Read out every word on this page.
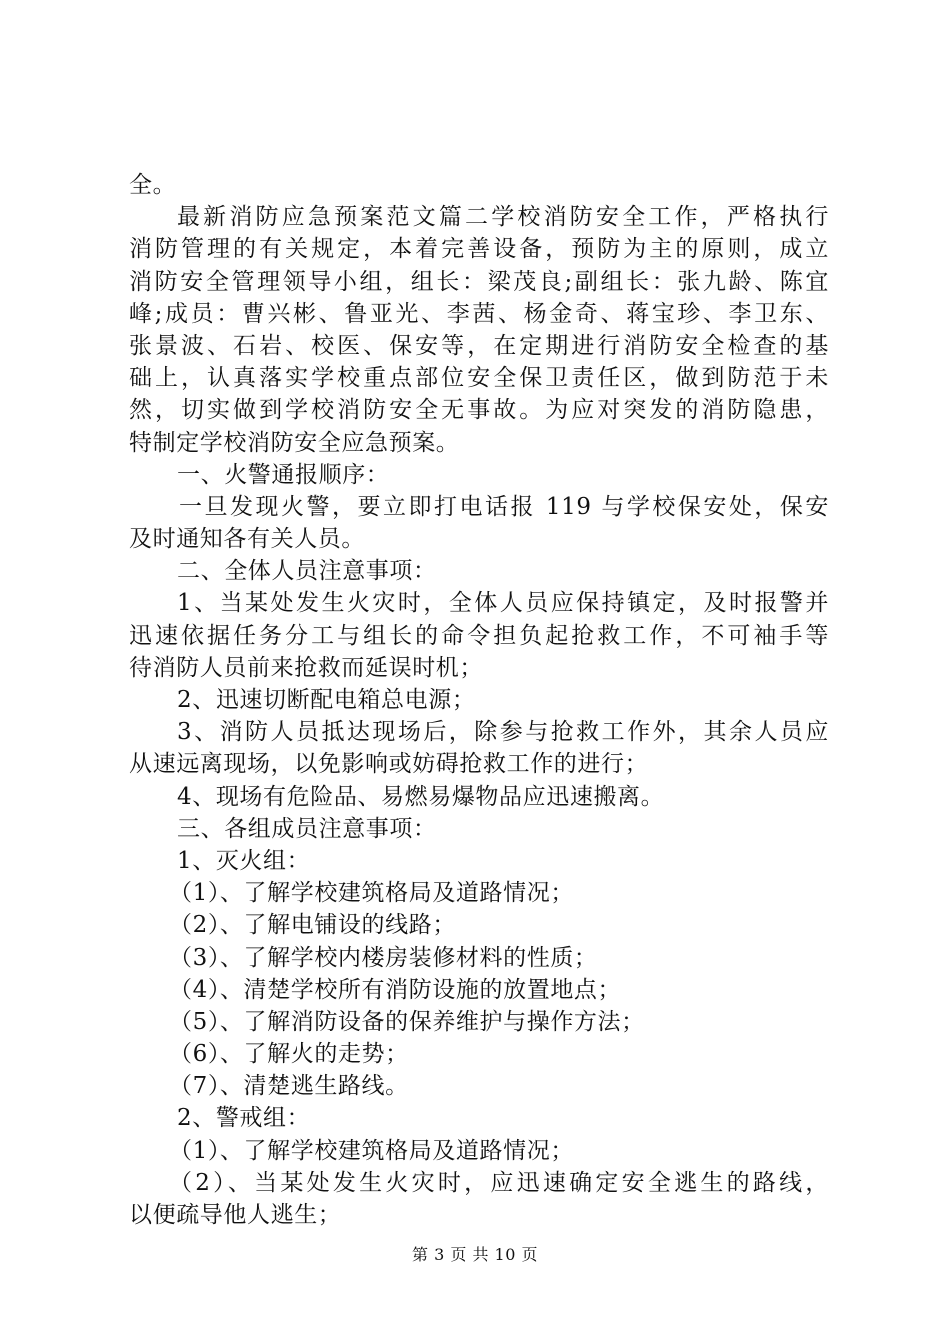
全。
最新消防应急预案范文篇二学校消防安全工作，严格执行
消防管理的有关规定，本着完善设备，预防为主的原则，成立
消防安全管理领导小组，组长：梁茂良;副组长：张九龄、陈宜
峰;成员：曹兴彬、鲁亚光、李茜、杨金奇、蒋宝珍、李卫东、
张景波、石岩、校医、保安等，在定期进行消防安全检查的基
础上，认真落实学校重点部位安全保卫责任区，做到防范于未
然，切实做到学校消防安全无事故。为应对突发的消防隐患，
特制定学校消防安全应急预案。
一、火警通报顺序：
一旦发现火警，要立即打电话报 119 与学校保安处，保安
及时通知各有关人员。
二、全体人员注意事项：
1、当某处发生火灾时，全体人员应保持镇定，及时报警并
迅速依据任务分工与组长的命令担负起抢救工作，不可袖手等
待消防人员前来抢救而延误时机；
2、迅速切断配电箱总电源；
3、消防人员抵达现场后，除参与抢救工作外，其余人员应
从速远离现场，以免影响或妨碍抢救工作的进行；
4、现场有危险品、易燃易爆物品应迅速搬离。
三、各组成员注意事项：
1、灭火组：
（1）、了解学校建筑格局及道路情况；
（2）、了解电铺设的线路；
（3）、了解学校内楼房装修材料的性质；
（4）、清楚学校所有消防设施的放置地点；
（5）、了解消防设备的保养维护与操作方法；
（6）、了解火的走势；
（7）、清楚逃生路线。
2、警戒组：
（1）、了解学校建筑格局及道路情况；
（2）、当某处发生火灾时，应迅速确定安全逃生的路线，
以便疏导他人逃生；
第 3 页 共 10 页
